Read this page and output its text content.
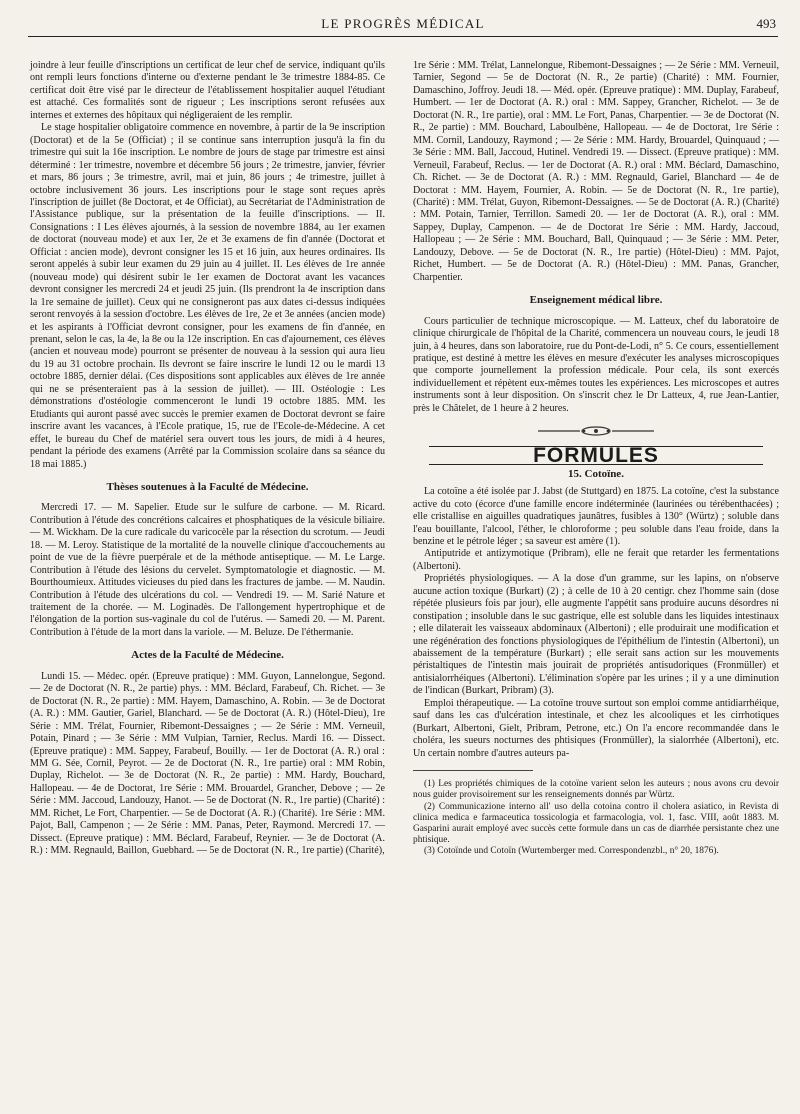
LE PROGRÈS MÉDICAL	493

joindre à leur feuille d'inscriptions un certificat de leur chef de service, indiquant qu'ils ont rempli leurs fonctions d'interne ou d'externe pendant le 3e trimestre 1884-85. Ce certificat doit être visé par le directeur de l'établissement hospitalier auquel l'étudiant est attaché. Ces formalités sont de rigueur ; Les inscriptions seront refusées aux internes et externes des hôpitaux qui négligeraient de les remplir.

Le stage hospitalier obligatoire commence en novembre, à partir de la 9e inscription (Doctorat) et de la 5e (Officiat) ; il se continue sans interruption jusqu'à la fin du trimestre qui suit la 16e inscription. Le nombre de jours de stage par trimestre est ainsi déterminé : 1er trimestre, novembre et décembre 56 jours ; 2e trimestre, janvier, février et mars, 86 jours ; 3e trimestre, avril, mai et juin, 86 jours ; 4e trimestre, juillet à octobre inclusivement 36 jours. Les inscriptions pour le stage sont reçues après l'inscription de juillet (8e Doctorat, et 4e Officiat), au Secrétariat de l'Administration de l'Assistance publique, sur la présentation de la feuille d'inscriptions. — II. Consignations : I Les élèves ajournés, à la session de novembre 1884, au 1er examen de doctorat (nouveau mode) et aux 1er, 2e et 3e examens de fin d'année (Doctorat et Officiat : ancien mode), devront consigner les 15 et 16 juin, aux heures ordinaires. Ils seront appelés à subir leur examen du 29 juin au 4 juillet. II. Les élèves de 1re année (nouveau mode) qui désirent subir le 1er examen de Doctorat avant les vacances devront consigner les mercredi 24 et jeudi 25 juin. (Ils prendront la 4e inscription dans la 1re semaine de juillet). Ceux qui ne consigneront pas aux dates ci-dessus indiquées seront renvoyés à la session d'octobre. Les élèves de 1re, 2e et 3e années (ancien mode) et les aspirants à l'Officiat devront consigner, pour les examens de fin d'année, en prenant, selon le cas, la 4e, la 8e ou la 12e inscription. En cas d'ajournement, ces élèves (ancien et nouveau mode) pourront se présenter de nouveau à la session qui aura lieu du 19 au 31 octobre prochain. Ils devront se faire inscrire le lundi 12 ou le mardi 13 octobre 1885, dernier délai. (Ces dispositions sont applicables aux élèves de 1re année qui ne se présenteraient pas à la session de juillet). — III. Ostéologie : Les démonstrations d'ostéologie commenceront le lundi 19 octobre 1885. MM. les Etudiants qui auront passé avec succès le premier examen de Doctorat devront se faire inscrire avant les vacances, à l'Ecole pratique, 15, rue de l'Ecole-de-Médecine. A cet effet, le bureau du Chef de matériel sera ouvert tous les jours, de midi à 4 heures, pendant la période des examens (Arrêté par la Commission scolaire dans sa séance du 18 mai 1885.)

Thèses soutenues à la Faculté de Médecine.

Mercredi 17. — M. Sapelier. Etude sur le sulfure de carbone. — M. Ricard. Contribution à l'étude des concrétions calcaires et phosphatiques de la vésicule biliaire. — M. Wickham. De la cure radicale du varicocèle par la résection du scrotum. — Jeudi 18. — M. Leroy. Statistique de la mortalité de la nouvelle clinique d'accouchements au point de vue de la fièvre puerpérale et de la méthode antiseptique. — M. Le Large. Contribution à l'étude des lésions du cervelet. Symptomatologie et diagnostic. — M. Bourthoumieux. Attitudes vicieuses du pied dans les fractures de jambe. — M. Naudin. Contribution à l'étude des ulcérations du col. — Vendredi 19. — M. Sarié Nature et traitement de la chorée. — M. Loginadès. De l'allongement hypertrophique et de l'élongation de la portion sus-vaginale du col de l'utérus. — Samedi 20. — M. Parent. Contribution à l'étude de la mort dans la variole. — M. Beluze. De l'éthermanie.

Actes de la Faculté de Médecine.

Lundi 15. — Médec. opér. (Epreuve pratique) : MM. Guyon, Lannelongue, Segond. — 2e de Doctorat (N. R., 2e partie) phys. : MM. Béclard, Farabeuf, Ch. Richet. — 3e de Doctorat (N. R., 2e partie) : MM. Hayem, Damaschino, A. Robin. — 3e de Doctorat (A. R.) : MM. Gautier, Gariel, Blanchard. — 5e de Doctorat (A. R.) (Hôtel-Dieu), 1re Série : MM. Trélat, Fournier, Ribemont-Dessaignes ; — 2e Série : MM. Verneuil, Potain, Pinard ; — 3e Série : MM Vulpian, Tarnier, Reclus. Mardi 16. — Dissect. (Epreuve pratique) : MM. Sappey, Farabeuf, Bouilly. — 1er de Doctorat (A. R.) oral : MM G. Sée, Cornil, Peyrot. — 2e de Doctorat (N. R., 1re partie) oral : MM Robin, Duplay, Richelot. — 3e de Doctorat (N. R., 2e partie) : MM. Hardy, Bouchard, Hallopeau. — 4e de Doctorat, 1re Série : MM. Brouardel, Grancher, Debove ; — 2e Série : MM. Jaccoud, Landouzy, Hanot. — 5e de Doctorat (N. R., 1re partie) (Charité) : MM. Richet, Le Fort, Charpentier. — 5e de Doctorat (A. R.) (Charité). 1re Série : MM. Pajot, Ball, Campenon ; — 2e Série : MM. Panas, Peter, Raymond. Mercredi 17. — Dissect. (Epreuve pratique) : MM. Béclard, Farabeuf, Reynier. — 3e de Doctorat (A. R.) : MM. Regnauld, Baillon, Guebhard. — 5e de Doctorat (N. R., 1re partie) (Charité),

1re Série : MM. Trélat, Lannelongue, Ribemont-Dessaignes ; — 2e Série : MM. Verneuil, Tarnier, Segond — 5e de Doctorat (N. R., 2e partie) (Charité) : MM. Fournier, Damaschino, Joffroy. Jeudi 18. — Méd. opér. (Epreuve pratique) : MM. Duplay, Farabeuf, Humbert. — 1er de Doctorat (A. R.) oral : MM. Sappey, Grancher, Richelot. — 3e de Doctorat (N. R., 1re partie), oral : MM. Le Fort, Panas, Charpentier. — 3e de Doctorat (N. R., 2e partie) : MM. Bouchard, Laboulbène, Hallopeau. — 4e de Doctorat, 1re Série : MM. Cornil, Landouzy, Raymond ; — 2e Série : MM. Hardy, Brouardel, Quinquaud ; — 3e Série : MM. Ball, Jaccoud, Hutinel. Vendredi 19. — Dissect. (Epreuve pratique) : MM. Verneuil, Farabeuf, Reclus. — 1er de Doctorat (A. R.) oral : MM. Béclard, Damaschino, Ch. Richet. — 3e de Doctorat (A. R.) : MM. Regnauld, Gariel, Blanchard — 4e de Doctorat : MM. Hayem, Fournier, A. Robin. — 5e de Doctorat (N. R., 1re partie), (Charité) : MM. Trélat, Guyon, Ribemont-Dessaignes. — 5e de Doctorat (A. R.) (Charité) : MM. Potain, Tarnier, Terrillon. Samedi 20. — 1er de Doctorat (A. R.), oral : MM. Sappey, Duplay, Campenon. — 4e de Doctorat 1re Série : MM. Hardy, Jaccoud, Hallopeau ; — 2e Série : MM. Bouchard, Ball, Quinquaud ; — 3e Série : MM. Peter, Landouzy, Debove. — 5e de Doctorat (N. R., 1re partie) (Hôtel-Dieu) : MM. Pajot, Richet, Humbert. — 5e de Doctorat (A. R.) (Hôtel-Dieu) : MM. Panas, Grancher, Charpentier.

Enseignement médical libre.

Cours particulier de technique microscopique. — M. Latteux, chef du laboratoire de clinique chirurgicale de l'hôpital de la Charité, commencera un nouveau cours, le jeudi 18 juin, à 4 heures, dans son laboratoire, rue du Pont-de-Lodi, n° 5. Ce cours, essentiellement pratique, est destiné à mettre les élèves en mesure d'exécuter les analyses microscopiques que comporte journellement la profession médicale. Pour cela, ils sont exercés individuellement et répètent eux-mêmes toutes les expériences. Les microscopes et autres instruments sont à leur disposition. On s'inscrit chez le Dr Latteux, 4, rue Jean-Lantier, près le Châtelet, de 1 heure à 2 heures.

FORMULES
15. Cotoïne.

La cotoïne a été isolée par J. Jabst (de Stuttgard) en 1875. La cotoïne, c'est la substance active du coto (écorce d'une famille encore indéterminée (laurinées ou térébenthacées) ; elle cristallise en aiguilles quadratiques jaunâtres, fusibles à 130° (Würtz) ; soluble dans l'eau bouillante, l'alcool, l'éther, le chloroforme ; peu soluble dans l'eau froide, dans la benzine et le pétrole léger ; sa saveur est amère (1).

Antiputride et antizymotique (Pribram), elle ne ferait que retarder les fermentations (Albertoni).

Propriétés physiologiques. — A la dose d'un gramme, sur les lapins, on n'observe aucune action toxique (Burkart) (2) ; à celle de 10 à 20 centigr. chez l'homme sain (dose répétée plusieurs fois par jour), elle augmente l'appétit sans produire aucuns désordres ni constipation ; insoluble dans le suc gastrique, elle est soluble dans les liquides intestinaux ; elle dilaterait les vaisseaux abdominaux (Albertoni) ; elle produirait une modification et une régénération des fonctions physiologiques de l'épithélium de l'intestin (Albertoni), un abaissement de la température (Burkart) ; elle serait sans action sur les mouvements péristaltiques de l'intestin mais jouirait de propriétés antisudoriques (Fronmüller) et antisialorrhéiques (Albertoni). L'élimination s'opère par les urines ; il y a une diminution de l'indican (Burkart, Pribram) (3).

Emploi thérapeutique. — La cotoïne trouve surtout son emploi comme antidiarrhéique, sauf dans les cas d'ulcération intestinale, et chez les alcooliques et les cirrhotiques (Burkart, Albertoni, Gielt, Pribram, Petrone, etc.) On l'a encore recommandée dans le choléra, les sueurs nocturnes des phtisiques (Fronmüller), la sialorrhée (Albertoni), etc. Un certain nombre d'autres auteurs pa-

(1) Les propriétés chimiques de la cotoïne varient selon les auteurs ; nous avons cru devoir nous guider provisoirement sur les renseignements donnés par Würtz.

(2) Communicazione interno all' uso della cotoina contro il cholera asiatico, in Revista di clinica medica e farmaceutica tossicologia et farmacologia, vol. 1, fasc. VIII, août 1883. M. Gasparini aurait employé avec succès cette formule dans un cas de diarrhée persistante chez une phtisique.

(3) Cotoïnde und Cotoïn (Wurtemberger med. Correspondenzbl., n° 20, 1876).
